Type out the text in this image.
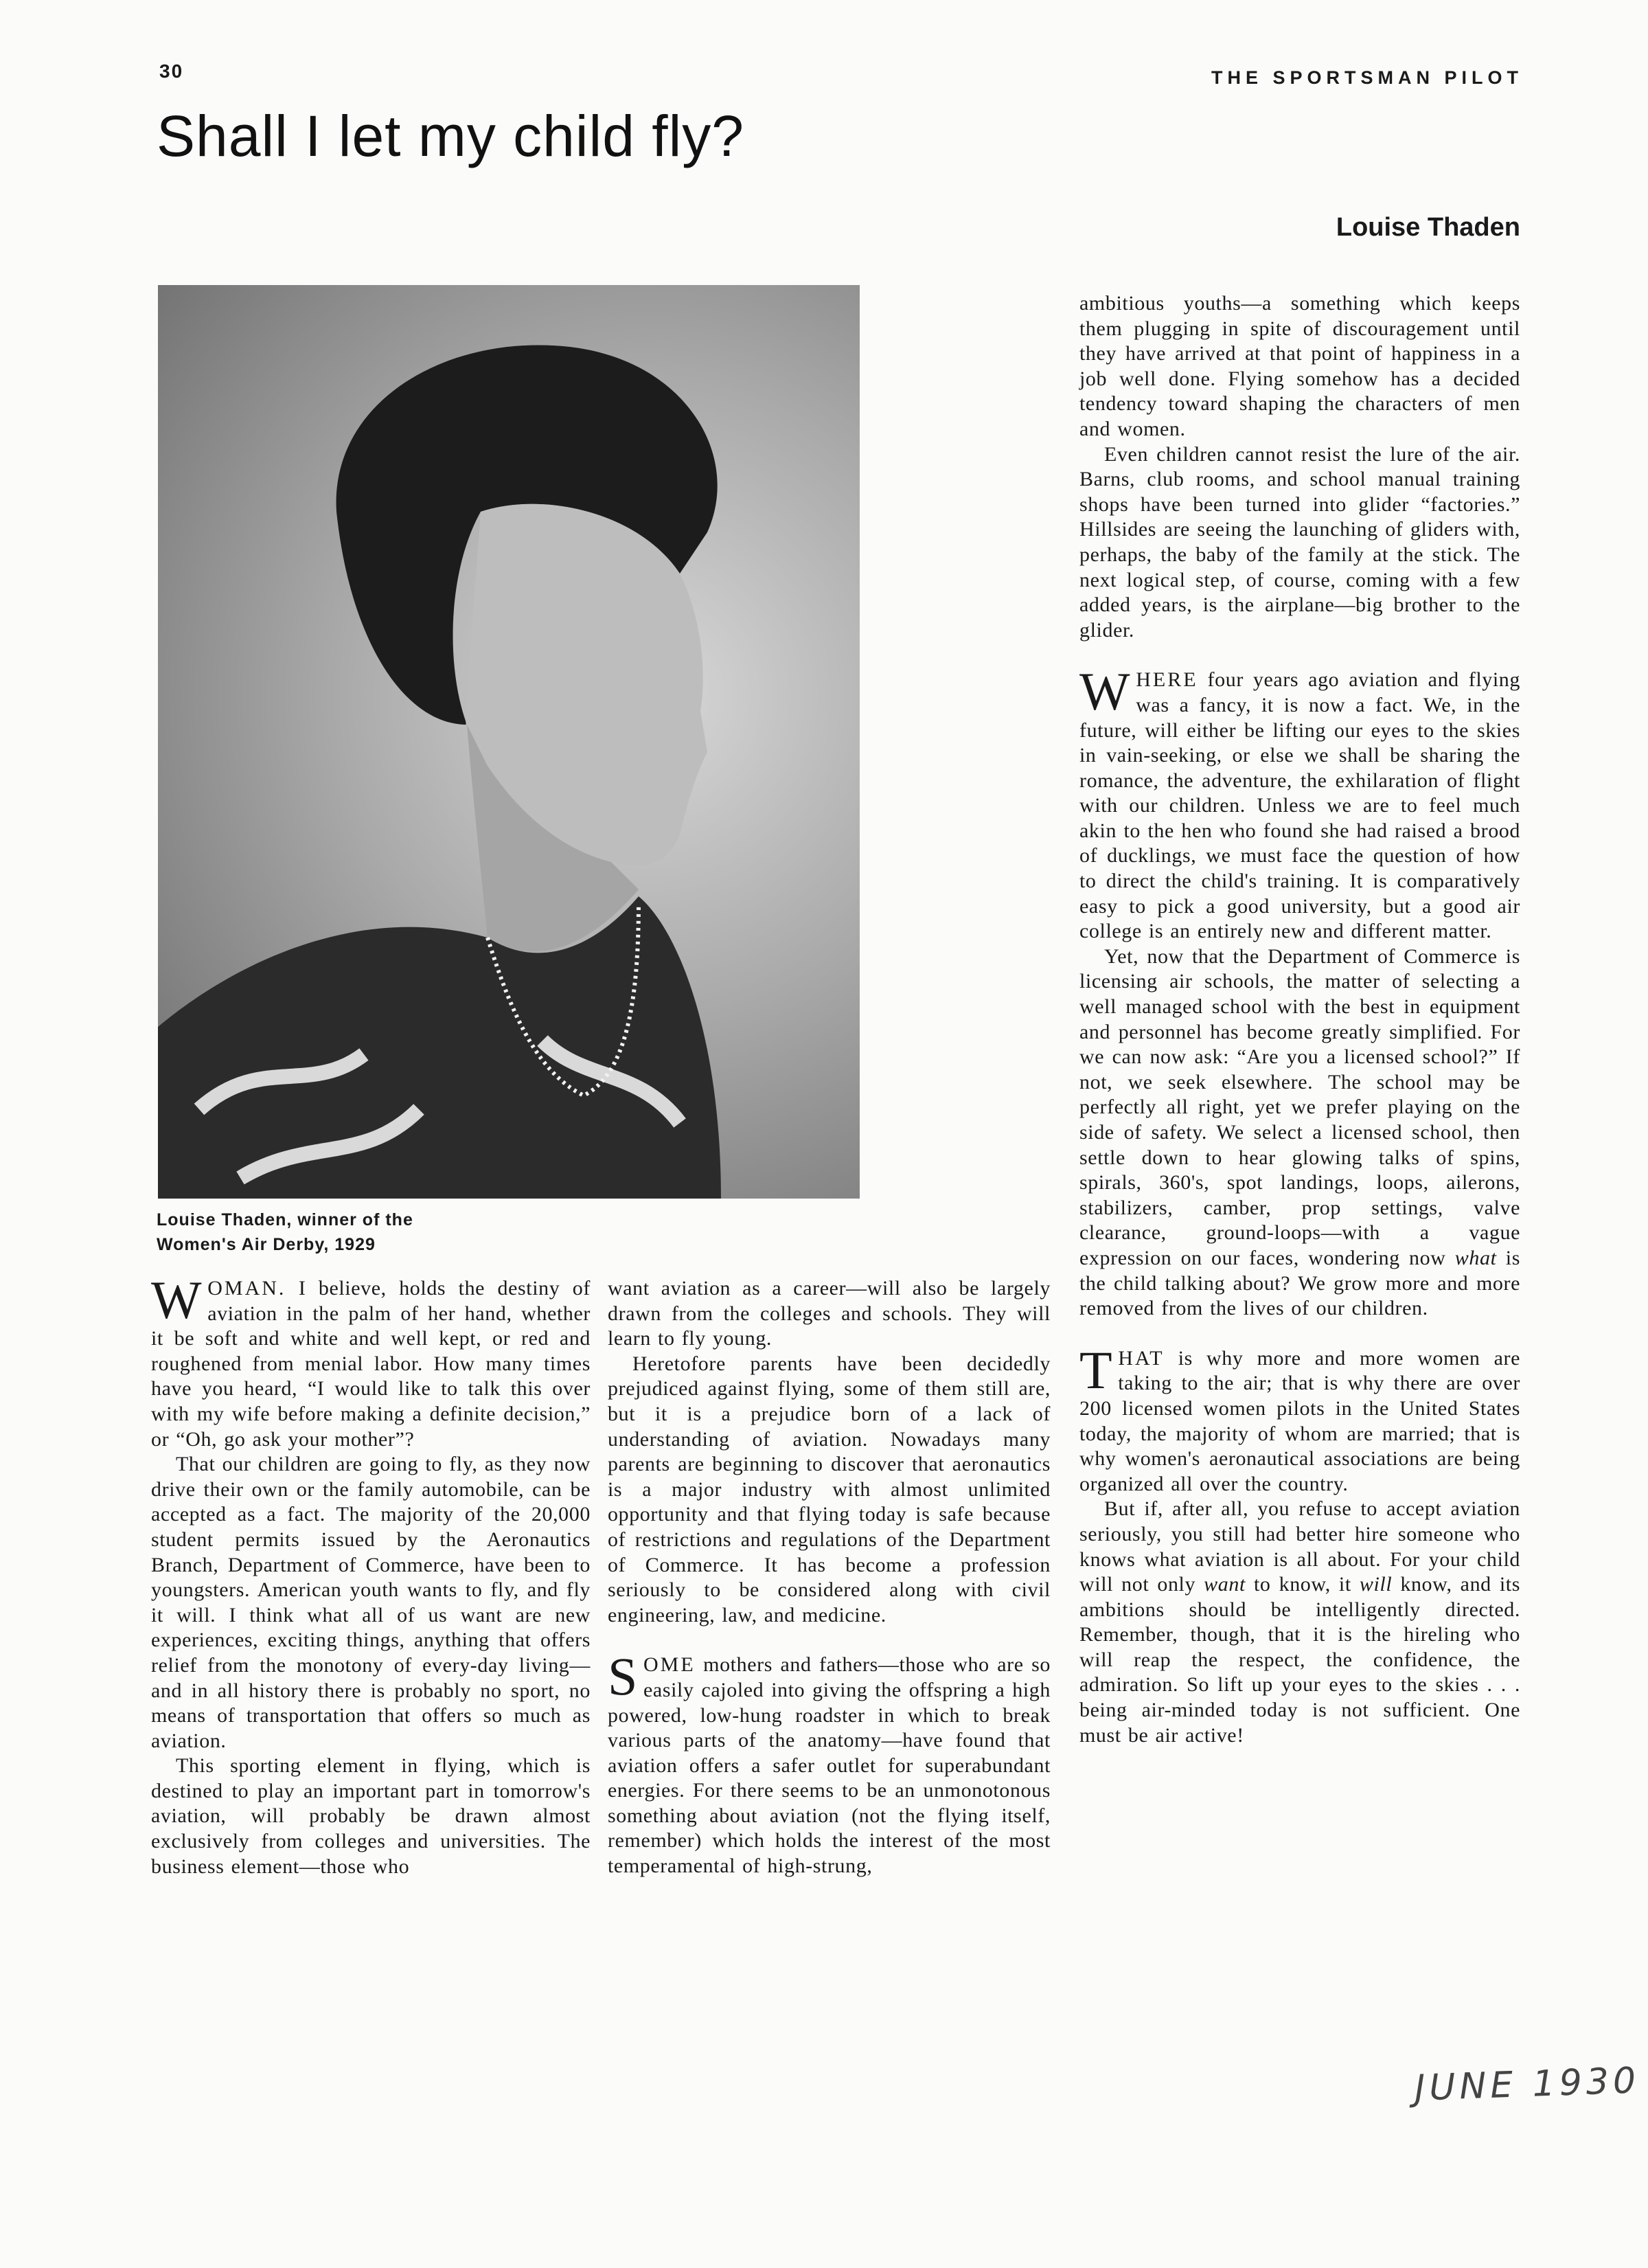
30	THE SPORTSMAN PILOT
Shall I let my child fly?
Louise Thaden
Louise Thaden, winner of the
Women's Air Derby, 1929

WOMAN. I believe, holds the destiny of aviation in the palm of her hand, whether it be soft and white and well kept, or red and roughened from menial labor. How many times have you heard, “I would like to talk this over with my wife before making a definite decision,” or “Oh, go ask your mother”?

That our children are going to fly, as they now drive their own or the family automobile, can be accepted as a fact. The majority of the 20,000 student permits issued by the Aeronautics Branch, Department of Commerce, have been to youngsters. American youth wants to fly, and fly it will. I think what all of us want are new experiences, exciting things, anything that offers relief from the monotony of every-day living—and in all history there is probably no sport, no means of transportation that offers so much as aviation.

This sporting element in flying, which is destined to play an important part in tomorrow's aviation, will probably be drawn almost exclusively from colleges and universities. The business element—those who

want aviation as a career—will also be largely drawn from the colleges and schools. They will learn to fly young.

Heretofore parents have been decidedly prejudiced against flying, some of them still are, but it is a prejudice born of a lack of understanding of aviation. Nowadays many parents are beginning to discover that aeronautics is a major industry with almost unlimited opportunity and that flying today is safe because of restrictions and regulations of the Department of Commerce. It has become a profession seriously to be considered along with civil engineering, law, and medicine.

SOME mothers and fathers—those who are so easily cajoled into giving the offspring a high powered, low-hung roadster in which to break various parts of the anatomy—have found that aviation offers a safer outlet for superabundant energies. For there seems to be an unmonotonous something about aviation (not the flying itself, remember) which holds the interest of the most temperamental of high-strung,

ambitious youths—a something which keeps them plugging in spite of discouragement until they have arrived at that point of happiness in a job well done. Flying somehow has a decided tendency toward shaping the characters of men and women.

Even children cannot resist the lure of the air. Barns, club rooms, and school manual training shops have been turned into glider “factories.” Hillsides are seeing the launching of gliders with, perhaps, the baby of the family at the stick. The next logical step, of course, coming with a few added years, is the airplane—big brother to the glider.

WHERE four years ago aviation and flying was a fancy, it is now a fact. We, in the future, will either be lifting our eyes to the skies in vain-seeking, or else we shall be sharing the romance, the adventure, the exhilaration of flight with our children. Unless we are to feel much akin to the hen who found she had raised a brood of ducklings, we must face the question of how to direct the child's training. It is comparatively easy to pick a good university, but a good air college is an entirely new and different matter.

Yet, now that the Department of Commerce is licensing air schools, the matter of selecting a well managed school with the best in equipment and personnel has become greatly simplified. For we can now ask: “Are you a licensed school?” If not, we seek elsewhere. The school may be perfectly all right, yet we prefer playing on the side of safety. We select a licensed school, then settle down to hear glowing talks of spins, spirals, 360's, spot landings, loops, ailerons, stabilizers, camber, prop settings, valve clearance, ground-loops—with a vague expression on our faces, wondering now what is the child talking about? We grow more and more removed from the lives of our children.

THAT is why more and more women are taking to the air; that is why there are over 200 licensed women pilots in the United States today, the majority of whom are married; that is why women's aeronautical associations are being organized all over the country.

But if, after all, you refuse to accept aviation seriously, you still had better hire someone who knows what aviation is all about. For your child will not only want to know, it will know, and its ambitions should be intelligently directed. Remember, though, that it is the hireling who will reap the respect, the confidence, the admiration. So lift up your eyes to the skies . . . being air-minded today is not sufficient. One must be air active!

JUNE 1930
